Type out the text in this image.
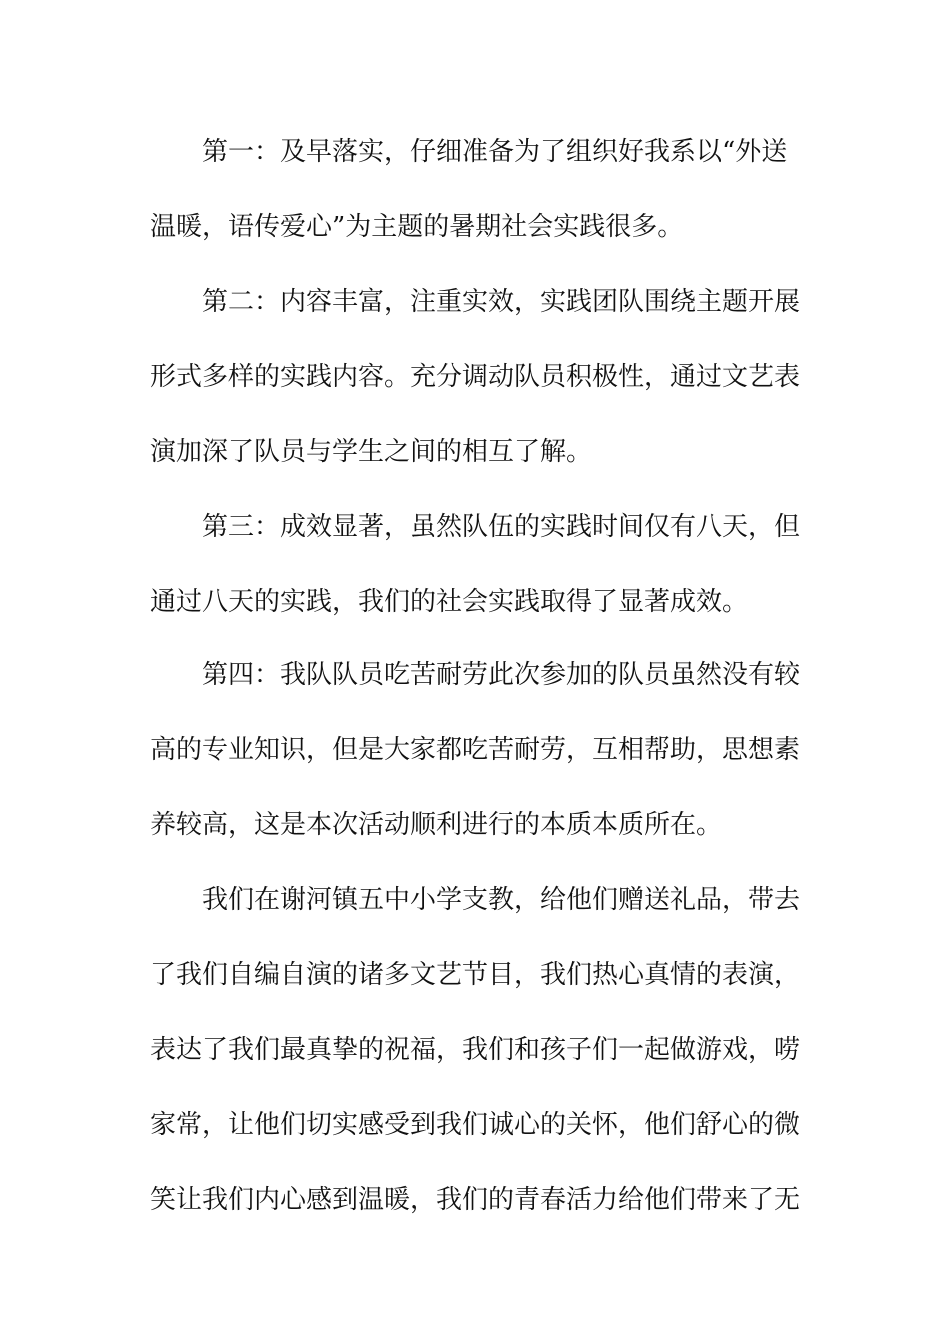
第一：及早落实，仔细准备为了组织好我系以“外送
温暖，语传爱心”为主题的暑期社会实践很多。
第二：内容丰富，注重实效，实践团队围绕主题开展
形式多样的实践内容。充分调动队员积极性，通过文艺表
演加深了队员与学生之间的相互了解。
第三：成效显著，虽然队伍的实践时间仅有八天，但
通过八天的实践，我们的社会实践取得了显著成效。
第四：我队队员吃苦耐劳此次参加的队员虽然没有较
高的专业知识，但是大家都吃苦耐劳，互相帮助，思想素
养较高，这是本次活动顺利进行的本质本质所在。
我们在谢河镇五中小学支教，给他们赠送礼品，带去
了我们自编自演的诸多文艺节目，我们热心真情的表演，
表达了我们最真挚的祝福，我们和孩子们一起做游戏，唠
家常，让他们切实感受到我们诚心的关怀，他们舒心的微
笑让我们内心感到温暖，我们的青春活力给他们带来了无
